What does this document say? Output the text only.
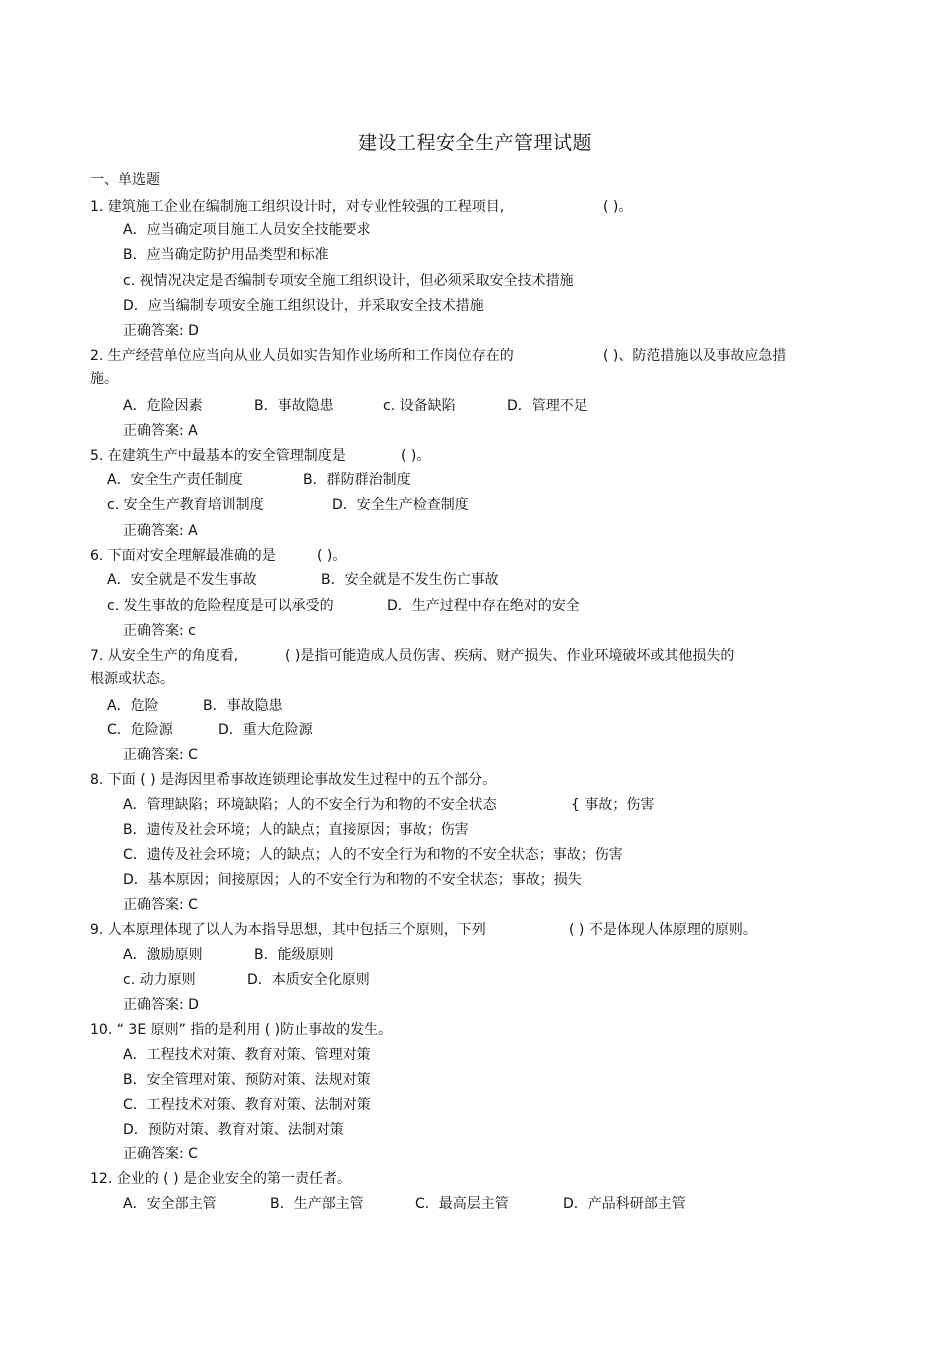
建设工程安全生产管理试题
一、单选题
1. 建筑施工企业在编制施工组织设计时，对专业性较强的工程项目,	( )。
A．应当确定项目施工人员安全技能要求
B．应当确定防护用品类型和标准
c. 视情况决定是否编制专项安全施工组织设计，但必须采取安全技术措施
D．应当编制专项安全施工组织设计，并采取安全技术措施
正确答案: D
2. 生产经营单位应当向从业人员如实告知作业场所和工作岗位存在的	( )、防范措施以及事故应急措
施。
A．危险因素	B．事故隐患	c. 设备缺陷	D．管理不足
正确答案: A
5. 在建筑生产中最基本的安全管理制度是	( )。
A．安全生产责任制度	B．群防群治制度
c. 安全生产教育培训制度	D．安全生产检查制度
正确答案: A
6. 下面对安全理解最准确的是	( )。
A．安全就是不发生事故	B．安全就是不发生伤亡事故
c. 发生事故的危险程度是可以承受的	D．生产过程中存在绝对的安全
正确答案: c
7. 从安全生产的角度看,	( )是指可能造成人员伤害、疾病、财产损失、作业环境破坏或其他损失的
根源或状态。
A．危险	B．事故隐患
C．危险源	D．重大危险源
正确答案: C
8. 下面 ( ) 是海因里希事故连锁理论事故发生过程中的五个部分。
A．管理缺陷；环境缺陷；人的不安全行为和物的不安全状态	{ 事故；伤害
B．遗传及社会环境；人的缺点；直接原因；事故；伤害
C．遗传及社会环境；人的缺点；人的不安全行为和物的不安全状态；事故；伤害
D．基本原因；间接原因；人的不安全行为和物的不安全状态；事故；损失
正确答案: C
9. 人本原理体现了以人为本指导思想，其中包括三个原则，下列	( ) 不是体现人体原理的原则。
A．激励原则	B．能级原则
c. 动力原则	D．本质安全化原则
正确答案: D
10. “ 3E 原则” 指的是利用 ( )防止事故的发生。
A．工程技术对策、教育对策、管理对策
B．安全管理对策、预防对策、法规对策
C．工程技术对策、教育对策、法制对策
D．预防对策、教育对策、法制对策
正确答案: C
12. 企业的 ( ) 是企业安全的第一责任者。
A．安全部主管	B．生产部主管	C．最高层主管	D．产品科研部主管
